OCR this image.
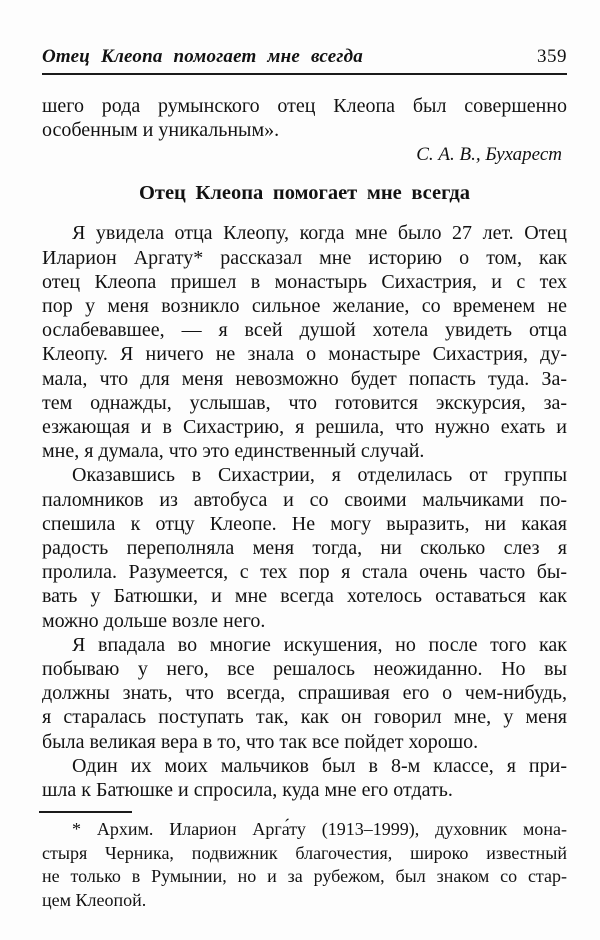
Отец Клеопа помогает мне всегда	359
шего рода румынского отец Клеопа был совершенно
особенным и уникальным».
С. А. В., Бухарест
Отец Клеопа помогает мне всегда
Я увидела отца Клеопу, когда мне было 27 лет. Отец
Иларион Аргату* рассказал мне историю о том, как
отец Клеопа пришел в монастырь Сихастрия, и с тех
пор у меня возникло сильное желание, со временем не
ослабевавшее, — я всей душой хотела увидеть отца
Клеопу. Я ничего не знала о монастыре Сихастрия, ду-
мала, что для меня невозможно будет попасть туда. За-
тем однажды, услышав, что готовится экскурсия, за-
езжающая и в Сихастрию, я решила, что нужно ехать и
мне, я думала, что это единственный случай.
Оказавшись в Сихастрии, я отделилась от группы
паломников из автобуса и со своими мальчиками по-
спешила к отцу Клеопе. Не могу выразить, ни какая
радость переполняла меня тогда, ни сколько слез я
пролила. Разумеется, с тех пор я стала очень часто бы-
вать у Батюшки, и мне всегда хотелось оставаться как
можно дольше возле него.
Я впадала во многие искушения, но после того как
побываю у него, все решалось неожиданно. Но вы
должны знать, что всегда, спрашивая его о чем-нибудь,
я старалась поступать так, как он говорил мне, у меня
была великая вера в то, что так все пойдет хорошо.
Один их моих мальчиков был в 8-м классе, я при-
шла к Батюшке и спросила, куда мне его отдать.
* Архим. Иларион Арга́ту (1913–1999), духовник мона-
стыря Черника, подвижник благочестия, широко известный
не только в Румынии, но и за рубежом, был знаком со стар-
цем Клеопой.
